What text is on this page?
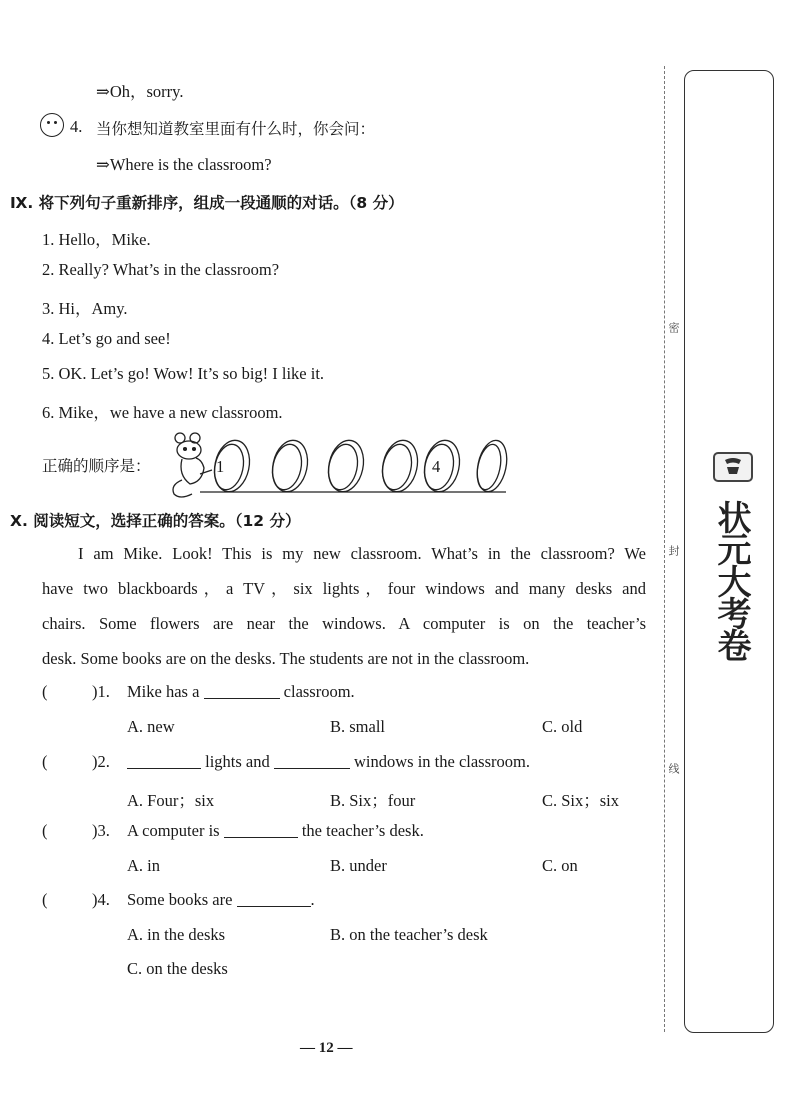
⇒Oh，sorry.
4. 当你想知道教室里面有什么时，你会问：
⇒Where is the classroom?
Ⅸ. 将下列句子重新排序，组成一段通顺的对话。（8 分）
1. Hello，Mike.
2. Really? What’s in the classroom?
3. Hi，Amy.
4. Let’s go and see!
5. OK. Let’s go! Wow! It’s so big! I like it.
6. Mike，we have a new classroom.
正确的顺序是：	1	4
Ⅹ. 阅读短文，选择正确的答案。（12 分）
I am Mike. Look! This is my new classroom. What’s in the classroom? We
have two blackboards，a TV，six lights，four windows and many desks and
chairs. Some flowers are near the windows. A computer is on the teacher’s
desk. Some books are on the desks. The students are not in the classroom.
(	)1. Mike has a	classroom.
A. new	B. small	C. old
(	)2.	lights and	windows in the classroom.
A. Four；six	B. Six；four	C. Six；six
(	)3. A computer is	the teacher’s desk.
A. in	B. under	C. on
(	)4. Some books are	.
A. in the desks	B. on the teacher’s desk
C. on the desks
— 12 —
密
封
线
状元大考卷
